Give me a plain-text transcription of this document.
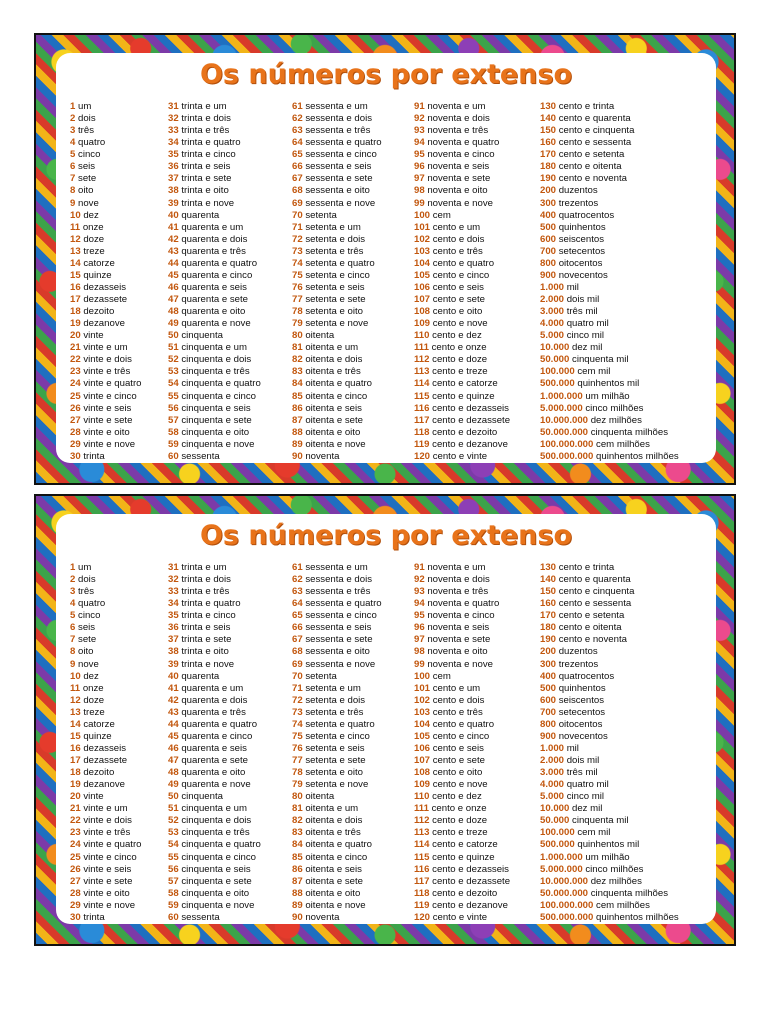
Os números por extenso
1 um
2 dois
3 três
4 quatro
5 cinco
6 seis
7 sete
8 oito
9 nove
10 dez
11 onze
12 doze
13 treze
14 catorze
15 quinze
16 dezasseis
17 dezassete
18 dezoito
19 dezanove
20 vinte
21 vinte e um
22 vinte e dois
23 vinte e três
24 vinte e quatro
25 vinte e cinco
26 vinte e seis
27 vinte e sete
28 vinte e oito
29 vinte e nove
30 trinta
31 trinta e um
32 trinta e dois
33 trinta e três
34 trinta e quatro
35 trinta e cinco
36 trinta e seis
37 trinta e sete
38 trinta e oito
39 trinta e nove
40 quarenta
41 quarenta e um
42 quarenta e dois
43 quarenta e três
44 quarenta e quatro
45 quarenta e cinco
46 quarenta e seis
47 quarenta e sete
48 quarenta e oito
49 quarenta e nove
50 cinquenta
51 cinquenta e um
52 cinquenta e dois
53 cinquenta e três
54 cinquenta e quatro
55 cinquenta e cinco
56 cinquenta e seis
57 cinquenta e sete
58 cinquenta e oito
59 cinquenta e nove
60 sessenta
61 sessenta e um
62 sessenta e dois
63 sessenta e três
64 sessenta e quatro
65 sessenta e cinco
66 sessenta e seis
67 sessenta e sete
68 sessenta e oito
69 sessenta e nove
70 setenta
71 setenta e um
72 setenta e dois
73 setenta e três
74 setenta e quatro
75 setenta e cinco
76 setenta e seis
77 setenta e sete
78 setenta e oito
79 setenta e nove
80 oitenta
81 oitenta e um
82 oitenta e dois
83 oitenta e três
84 oitenta e quatro
85 oitenta e cinco
86 oitenta e seis
87 oitenta e sete
88 oitenta e oito
89 oitenta e nove
90 noventa
91 noventa e um
92 noventa e dois
93 noventa e três
94 noventa e quatro
95 noventa e cinco
96 noventa e seis
97 noventa e sete
98 noventa e oito
99 noventa e nove
100 cem
101 cento e um
102 cento e dois
103 cento e três
104 cento e quatro
105 cento e cinco
106 cento e seis
107 cento e sete
108 cento e oito
109 cento e nove
110 cento e dez
111 cento e onze
112 cento e doze
113 cento e treze
114 cento e catorze
115 cento e quinze
116 cento e dezasseis
117 cento e dezassete
118 cento e dezoito
119 cento e dezanove
120 cento e vinte
130 cento e trinta
140 cento e quarenta
150 cento e cinquenta
160 cento e sessenta
170 cento e setenta
180 cento e oitenta
190 cento e noventa
200 duzentos
300 trezentos
400 quatrocentos
500 quinhentos
600 seiscentos
700 setecentos
800 oitocentos
900 novecentos
1.000 mil
2.000 dois mil
3.000 três mil
4.000 quatro mil
5.000 cinco mil
10.000 dez mil
50.000 cinquenta mil
100.000 cem mil
500.000 quinhentos mil
1.000.000 um milhão
5.000.000 cinco milhões
10.000.000 dez milhões
50.000.000 cinquenta milhões
100.000.000 cem milhões
500.000.000 quinhentos milhões
Os números por extenso
1 um
2 dois
3 três
4 quatro
5 cinco
6 seis
7 sete
8 oito
9 nove
10 dez
11 onze
12 doze
13 treze
14 catorze
15 quinze
16 dezasseis
17 dezassete
18 dezoito
19 dezanove
20 vinte
21 vinte e um
22 vinte e dois
23 vinte e três
24 vinte e quatro
25 vinte e cinco
26 vinte e seis
27 vinte e sete
28 vinte e oito
29 vinte e nove
30 trinta
31 trinta e um
32 trinta e dois
33 trinta e três
34 trinta e quatro
35 trinta e cinco
36 trinta e seis
37 trinta e sete
38 trinta e oito
39 trinta e nove
40 quarenta
41 quarenta e um
42 quarenta e dois
43 quarenta e três
44 quarenta e quatro
45 quarenta e cinco
46 quarenta e seis
47 quarenta e sete
48 quarenta e oito
49 quarenta e nove
50 cinquenta
51 cinquenta e um
52 cinquenta e dois
53 cinquenta e três
54 cinquenta e quatro
55 cinquenta e cinco
56 cinquenta e seis
57 cinquenta e sete
58 cinquenta e oito
59 cinquenta e nove
60 sessenta
61 sessenta e um
62 sessenta e dois
63 sessenta e três
64 sessenta e quatro
65 sessenta e cinco
66 sessenta e seis
67 sessenta e sete
68 sessenta e oito
69 sessenta e nove
70 setenta
71 setenta e um
72 setenta e dois
73 setenta e três
74 setenta e quatro
75 setenta e cinco
76 setenta e seis
77 setenta e sete
78 setenta e oito
79 setenta e nove
80 oitenta
81 oitenta e um
82 oitenta e dois
83 oitenta e três
84 oitenta e quatro
85 oitenta e cinco
86 oitenta e seis
87 oitenta e sete
88 oitenta e oito
89 oitenta e nove
90 noventa
91 noventa e um
92 noventa e dois
93 noventa e três
94 noventa e quatro
95 noventa e cinco
96 noventa e seis
97 noventa e sete
98 noventa e oito
99 noventa e nove
100 cem
101 cento e um
102 cento e dois
103 cento e três
104 cento e quatro
105 cento e cinco
106 cento e seis
107 cento e sete
108 cento e oito
109 cento e nove
110 cento e dez
111 cento e onze
112 cento e doze
113 cento e treze
114 cento e catorze
115 cento e quinze
116 cento e dezasseis
117 cento e dezassete
118 cento e dezoito
119 cento e dezanove
120 cento e vinte
130 cento e trinta
140 cento e quarenta
150 cento e cinquenta
160 cento e sessenta
170 cento e setenta
180 cento e oitenta
190 cento e noventa
200 duzentos
300 trezentos
400 quatrocentos
500 quinhentos
600 seiscentos
700 setecentos
800 oitocentos
900 novecentos
1.000 mil
2.000 dois mil
3.000 três mil
4.000 quatro mil
5.000 cinco mil
10.000 dez mil
50.000 cinquenta mil
100.000 cem mil
500.000 quinhentos mil
1.000.000 um milhão
5.000.000 cinco milhões
10.000.000 dez milhões
50.000.000 cinquenta milhões
100.000.000 cem milhões
500.000.000 quinhentos milhões
